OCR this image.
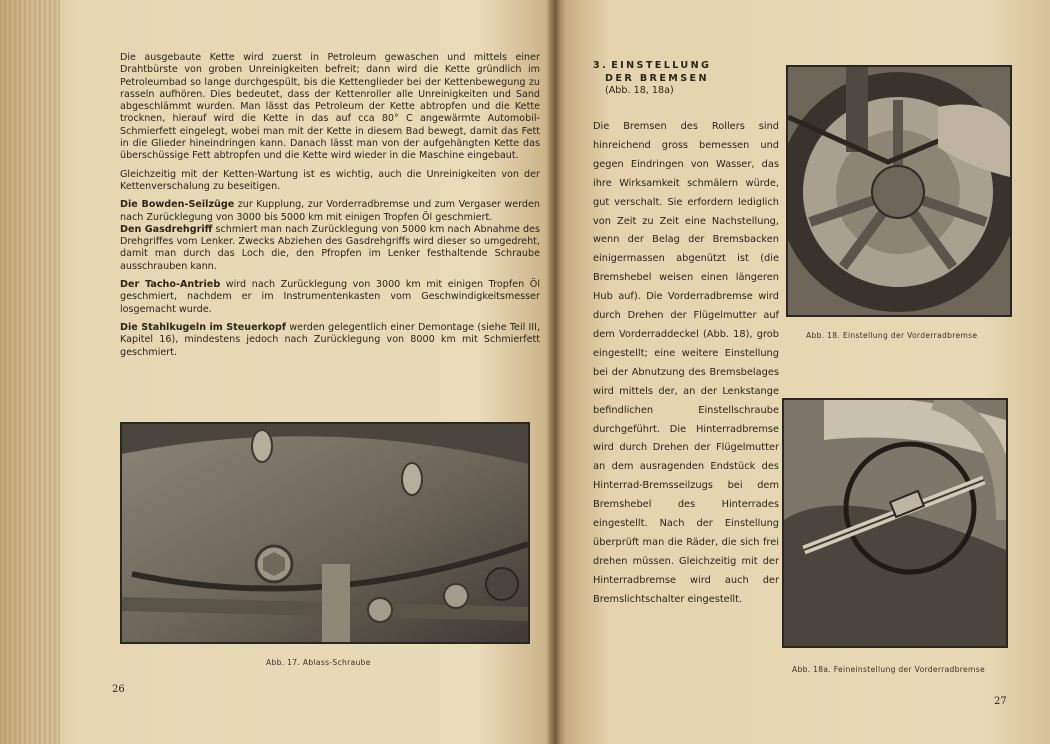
Die ausgebaute Kette wird zuerst in Petroleum gewaschen und mittels einer Drahtbürste von groben Unreinigkeiten befreit; dann wird die Kette gründlich im Petroleumbad so lange durchgespült, bis die Kettenglieder bei der Kettenbewegung zu rasseln aufhören. Dies bedeutet, dass der Kettenroller alle Unreinigkeiten und Sand abgeschlämmt wurden. Man lässt das Petroleum der Kette abtropfen und die Kette trocknen, hierauf wird die Kette in das auf cca 80° C angewärmte Automobil-Schmierfett eingelegt, wobei man mit der Kette in diesem Bad bewegt, damit das Fett in die Glieder hineindringen kann. Danach lässt man von der aufgehängten Kette das überschüssige Fett abtropfen und die Kette wird wieder in die Maschine eingebaut.

Gleichzeitig mit der Ketten-Wartung ist es wichtig, auch die Unreinigkeiten von der Kettenverschalung zu beseitigen.

Die Bowden-Seilzüge zur Kupplung, zur Vorderradbremse und zum Vergaser werden nach Zurücklegung von 3000 bis 5000 km mit einigen Tropfen Öl geschmiert.

Den Gasdrehgriff schmiert man nach Zurücklegung von 5000 km nach Abnahme des Drehgriffes vom Lenker. Zwecks Abziehen des Gasdrehgriffs wird dieser so umgedreht, damit man durch das Loch die, den Pfropfen im Lenker festhaltende Schraube ausschrauben kann.

Der Tacho-Antrieb wird nach Zurücklegung von 3000 km mit einigen Tropfen Öl geschmiert, nachdem er im Instrumentenkasten vom Geschwindigkeitsmesser losgemacht wurde.

Die Stahlkugeln im Steuerkopf werden gelegentlich einer Demontage (siehe Teil III, Kapitel 16), mindestens jedoch nach Zurücklegung von 8000 km mit Schmierfett geschmiert.

Abb. 17. Ablass-Schraube
26
3. EINSTELLUNG
DER BREMSEN
(Abb. 18, 18a)

Die Bremsen des Rollers sind hinreichend gross bemessen und gegen Eindringen von Wasser, das ihre Wirksamkeit schmälern würde, gut verschalt. Sie erfordern lediglich von Zeit zu Zeit eine Nachstellung, wenn der Belag der Bremsbacken einigermassen abgenützt ist (die Bremshebel weisen einen längeren Hub auf). Die Vorderradbremse wird durch Drehen der Flügelmutter auf dem Vorderraddeckel (Abb. 18), grob eingestellt; eine weitere Einstellung bei der Abnutzung des Bremsbelages wird mittels der, an der Lenkstange befindlichen Einstellschraube durchgeführt. Die Hinterradbremse wird durch Drehen der Flügelmutter an dem ausragenden Endstück des Hinterrad-Bremsseilzugs bei dem Bremshebel des Hinterrades eingestellt. Nach der Einstellung überprüft man die Räder, die sich frei drehen müssen. Gleichzeitig mit der Hinterradbremse wird auch der Bremslichtschalter eingestellt.

Abb. 18. Einstellung der Vorderradbremse
Abb. 18a. Feineinstellung der Vorderradbremse
27
